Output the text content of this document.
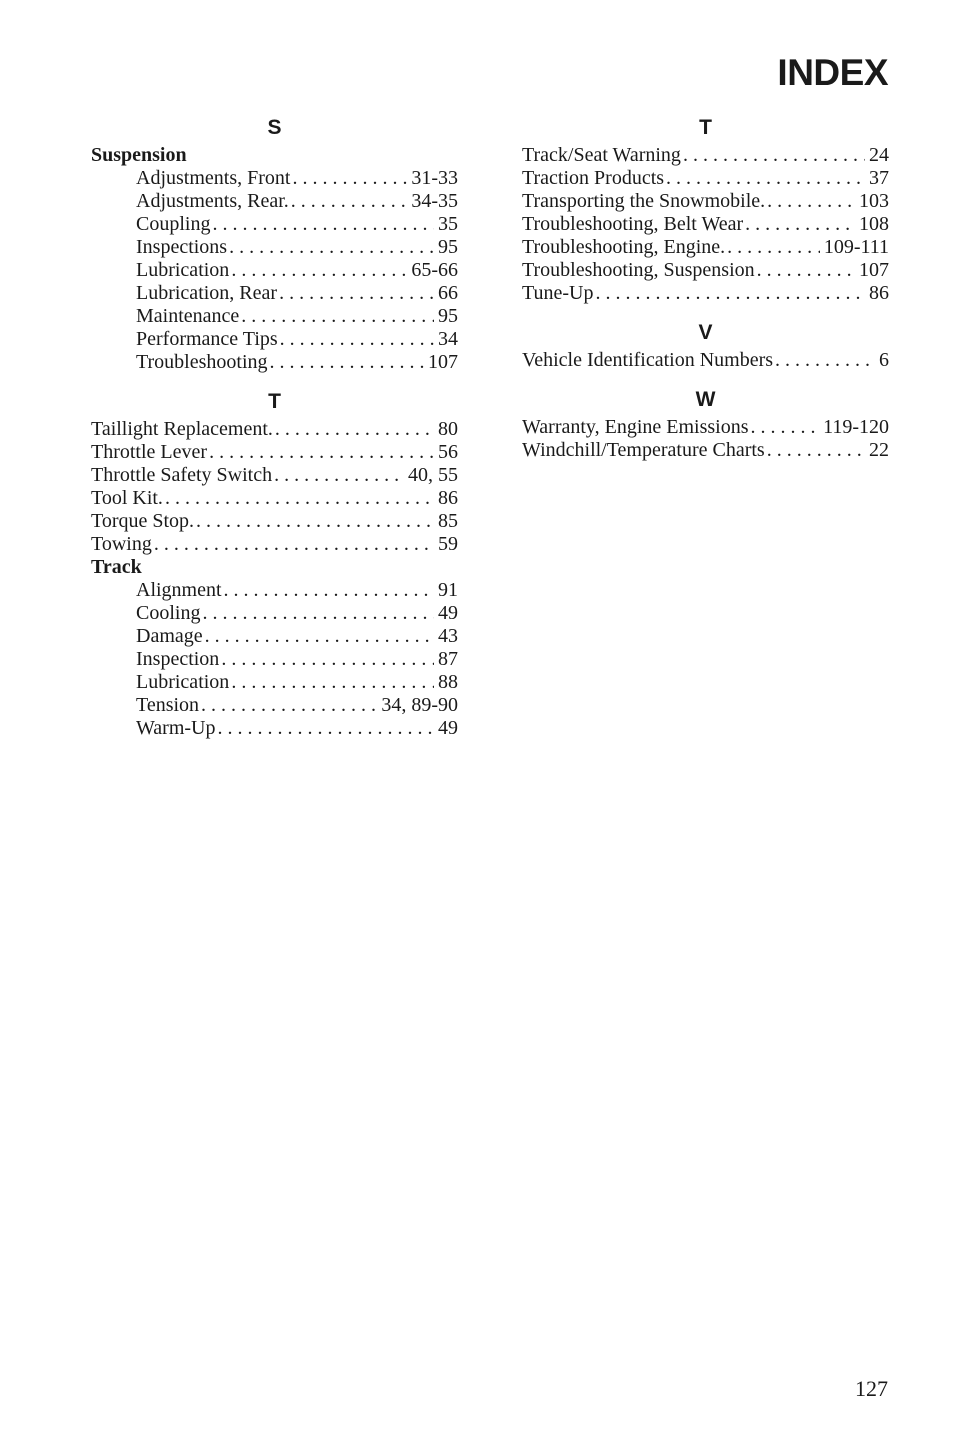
INDEX
S
Suspension
Adjustments, Front . . .	31-33
Adjustments, Rear. . . .	34-35
Coupling . . .	35
Inspections . . .	95
Lubrication . . .	65-66
Lubrication, Rear . . .	66
Maintenance . . .	95
Performance Tips . . .	34
Troubleshooting . . .	107
T
Taillight Replacement. . . .	80
Throttle Lever . . .	56
Throttle Safety Switch . . .	40, 55
Tool Kit. . . .	86
Torque Stop. . . .	85
Towing . . .	59
Track
Alignment . . .	91
Cooling . . .	49
Damage . . .	43
Inspection . . .	87
Lubrication . . .	88
Tension . . .	34, 89-90
Warm-Up . . .	49
T
Track/Seat Warning . . .	24
Traction Products . . .	37
Transporting the Snowmobile. . . .	103
Troubleshooting, Belt Wear . . .	108
Troubleshooting, Engine. . . .	109-111
Troubleshooting, Suspension . . .	107
Tune-Up . . .	86
V
Vehicle Identification Numbers . . .	6
W
Warranty, Engine Emissions . . .	119-120
Windchill/Temperature Charts . . .	22
127
